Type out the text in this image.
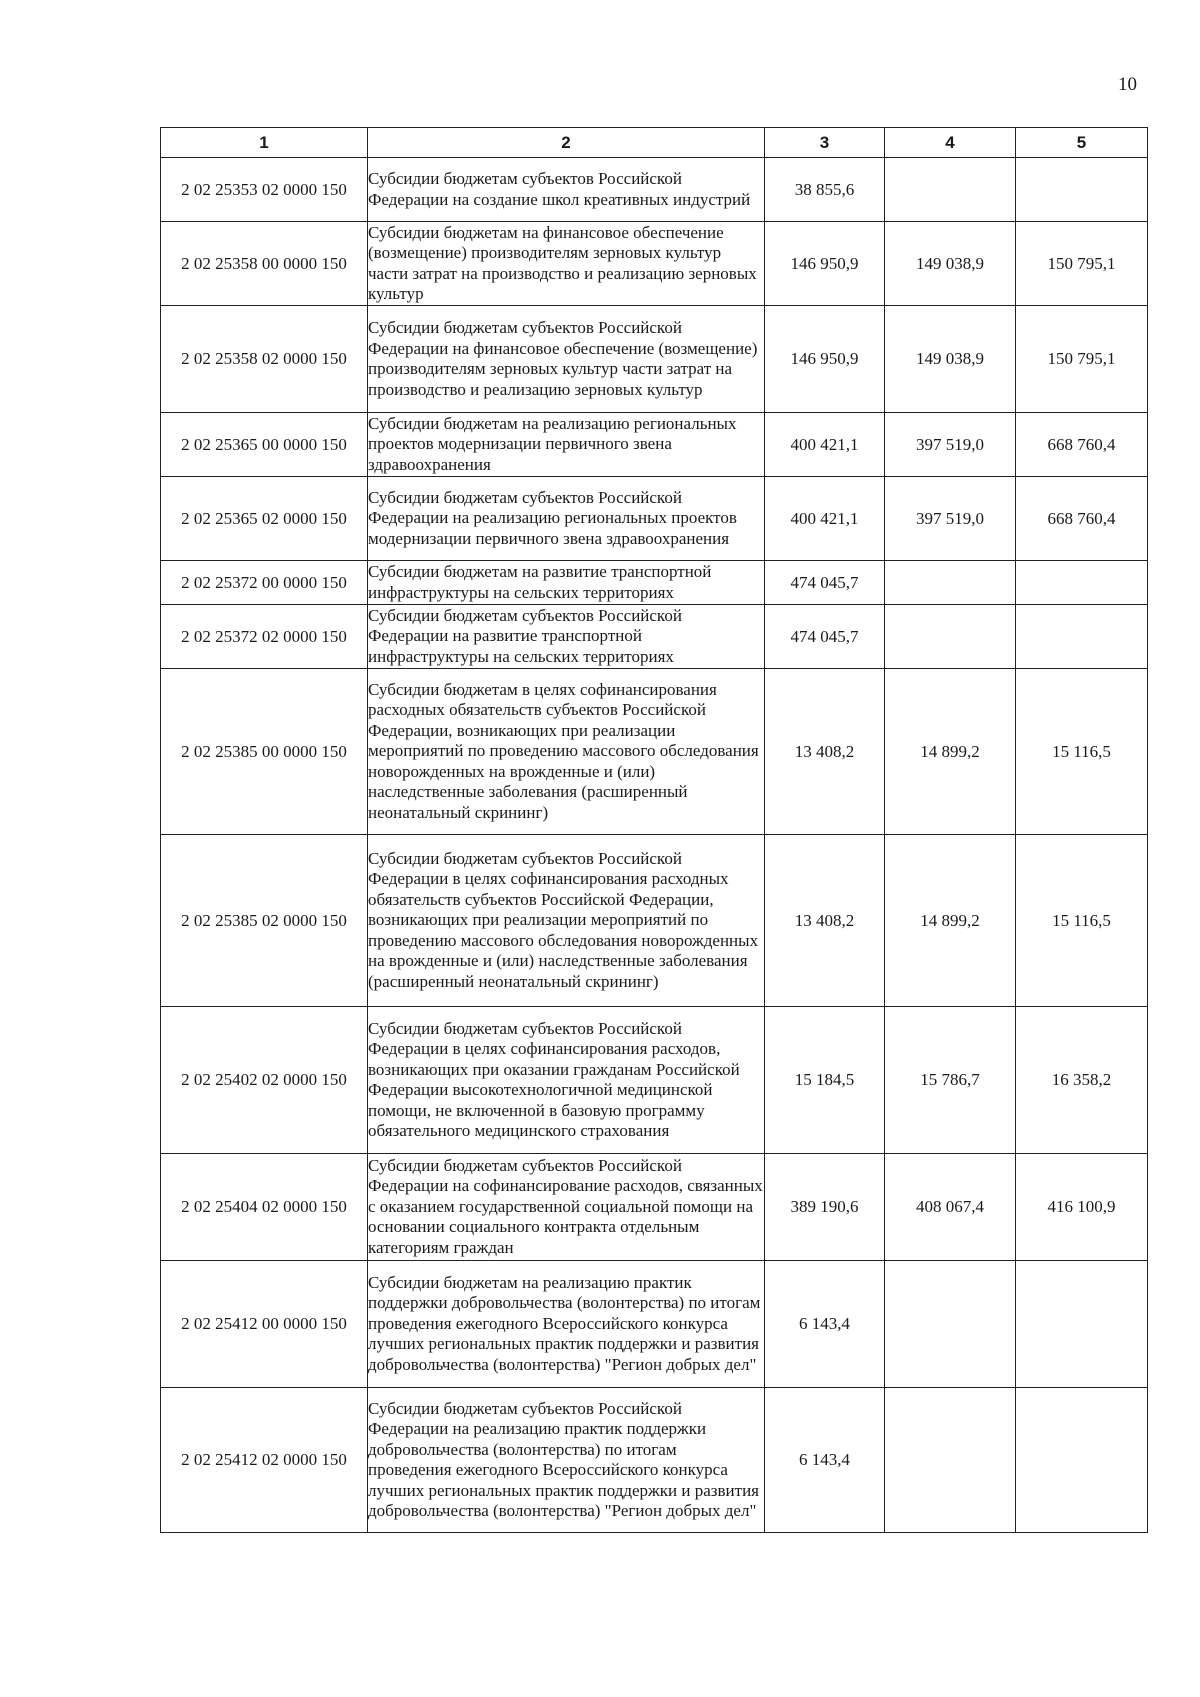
10
1	2	3	4	5
2 02 25353 02 0000 150	Субсидии бюджетам субъектов Российской Федерации на создание школ креативных индустрий	38 855,6		
2 02 25358 00 0000 150	Субсидии бюджетам на финансовое обеспечение (возмещение) производителям зерновых культур части затрат на производство и реализацию зерновых культур	146 950,9	149 038,9	150 795,1
2 02 25358 02 0000 150	Субсидии бюджетам субъектов Российской Федерации на финансовое обеспечение (возмещение) производителям зерновых культур части затрат на производство и реализацию зерновых культур	146 950,9	149 038,9	150 795,1
2 02 25365 00 0000 150	Субсидии бюджетам на реализацию региональных проектов модернизации первичного звена здравоохранения	400 421,1	397 519,0	668 760,4
2 02 25365 02 0000 150	Субсидии бюджетам субъектов Российской Федерации на реализацию региональных проектов модернизации первичного звена здравоохранения	400 421,1	397 519,0	668 760,4
2 02 25372 00 0000 150	Субсидии бюджетам на развитие транспортной инфраструктуры на сельских территориях	474 045,7		
2 02 25372 02 0000 150	Субсидии бюджетам субъектов Российской Федерации на развитие транспортной инфраструктуры на сельских территориях	474 045,7		
2 02 25385 00 0000 150	Субсидии бюджетам в целях софинансирования расходных обязательств субъектов Российской Федерации, возникающих при реализации мероприятий по проведению массового обследования новорожденных на врожденные и (или) наследственные заболевания (расширенный неонатальный скрининг)	13 408,2	14 899,2	15 116,5
2 02 25385 02 0000 150	Субсидии бюджетам субъектов Российской Федерации в целях софинансирования расходных обязательств субъектов Российской Федерации, возникающих при реализации мероприятий по проведению массового обследования новорожденных на врожденные и (или) наследственные заболевания (расширенный неонатальный скрининг)	13 408,2	14 899,2	15 116,5
2 02 25402 02 0000 150	Субсидии бюджетам субъектов Российской Федерации в целях софинансирования расходов, возникающих при оказании гражданам Российской Федерации высокотехнологичной медицинской помощи, не включенной в базовую программу обязательного медицинского страхования	15 184,5	15 786,7	16 358,2
2 02 25404 02 0000 150	Субсидии бюджетам субъектов Российской Федерации на софинансирование расходов, связанных с оказанием государственной социальной помощи на основании социального контракта отдельным категориям граждан	389 190,6	408 067,4	416 100,9
2 02 25412 00 0000 150	Субсидии бюджетам на реализацию практик поддержки добровольчества (волонтерства) по итогам проведения ежегодного Всероссийского конкурса лучших региональных практик поддержки и развития добровольчества (волонтерства) "Регион добрых дел"	6 143,4		
2 02 25412 02 0000 150	Субсидии бюджетам субъектов Российской Федерации на реализацию практик поддержки добровольчества (волонтерства) по итогам проведения ежегодного Всероссийского конкурса лучших региональных практик поддержки и развития добровольчества (волонтерства) "Регион добрых дел"	6 143,4		
